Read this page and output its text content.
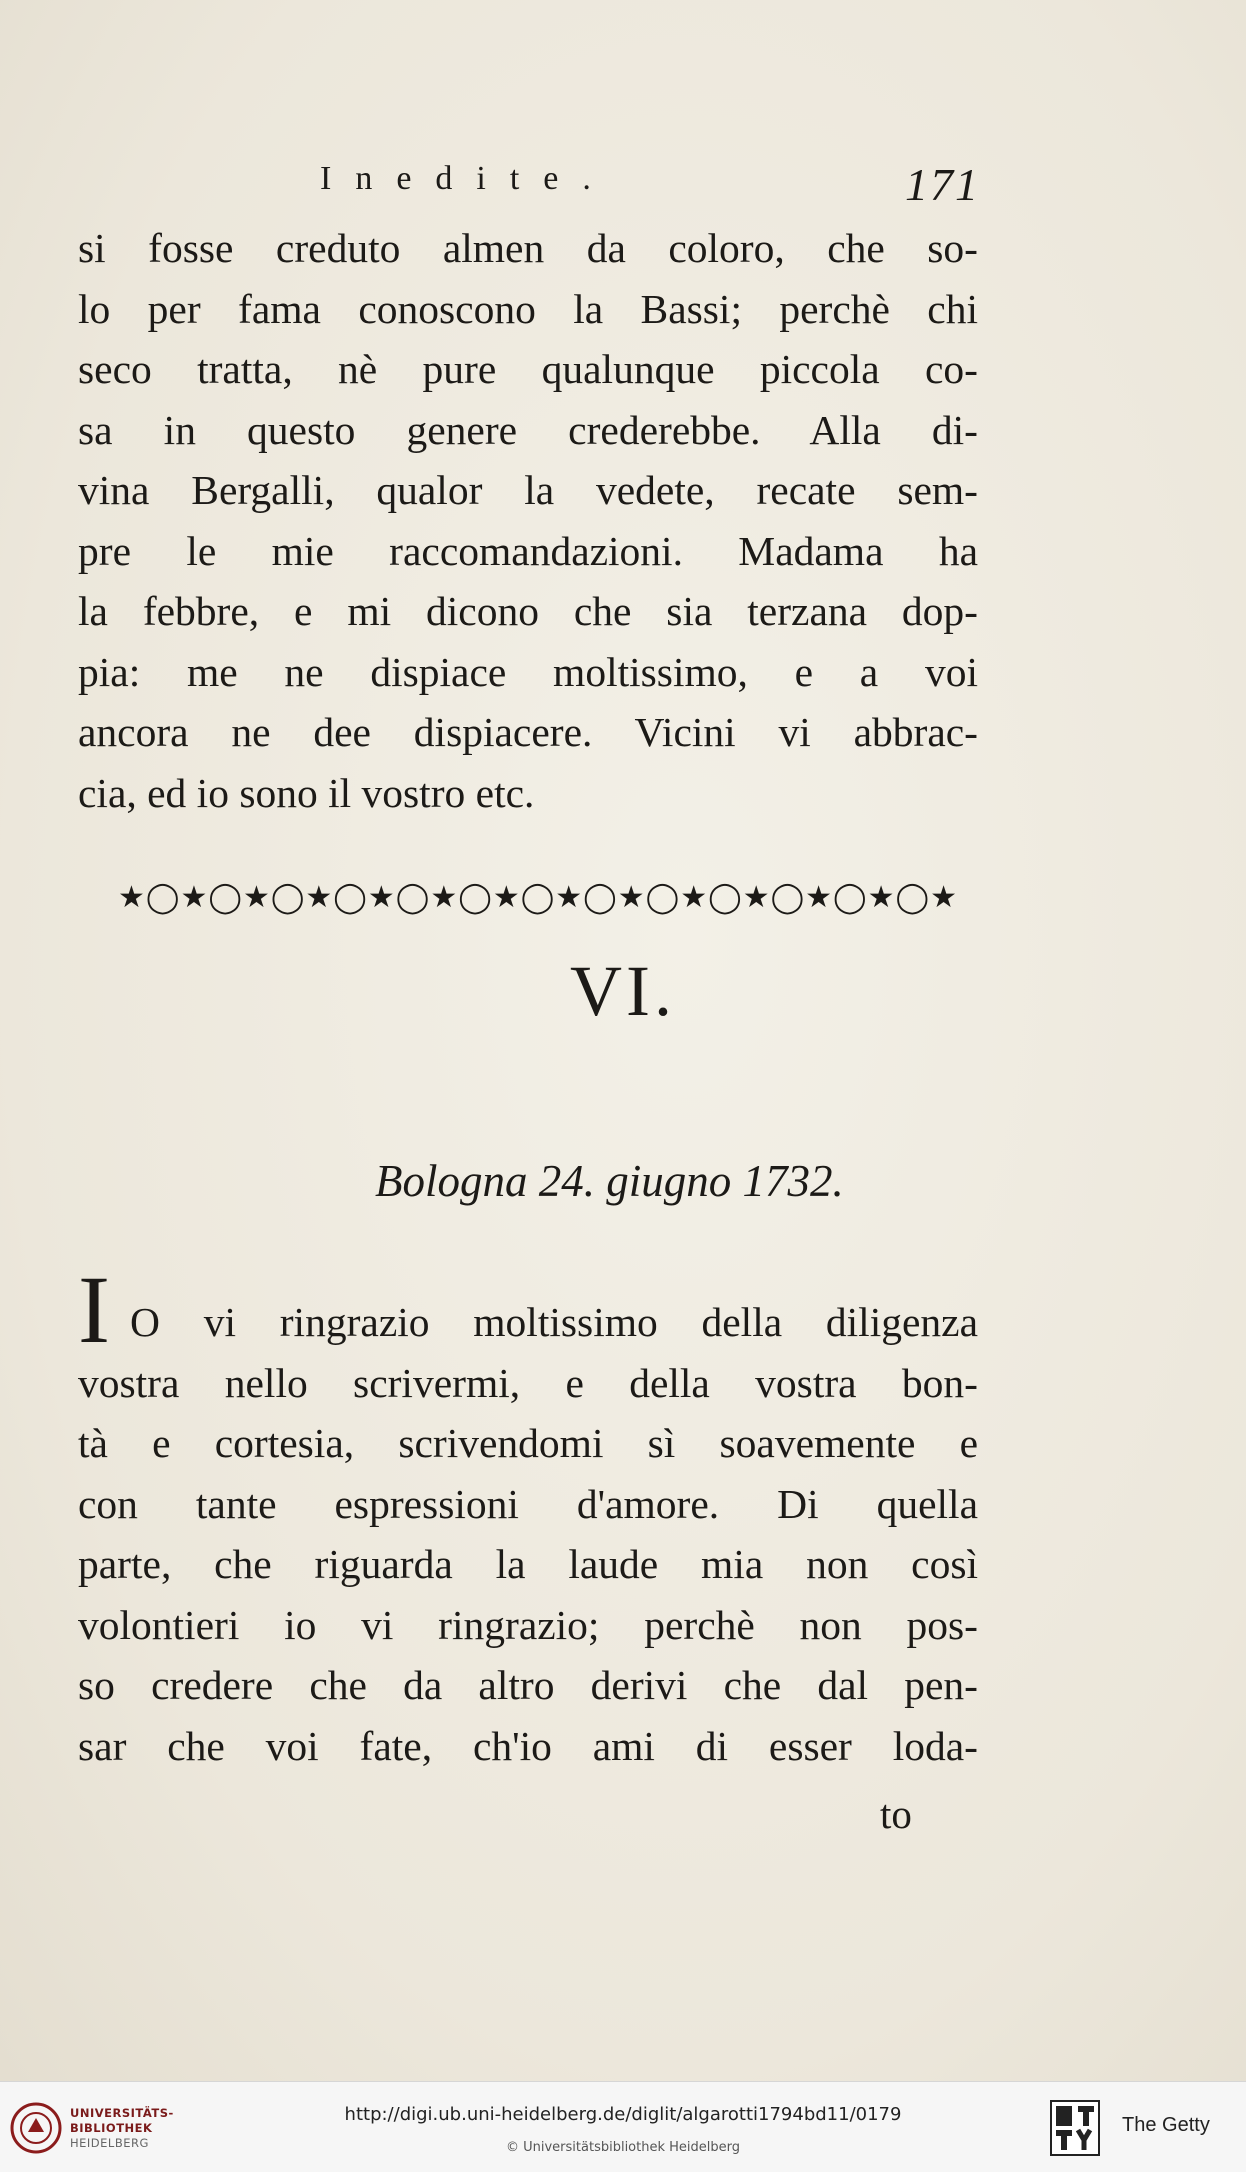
Inedite.	171
si fosse creduto almen da coloro, che so-
lo per fama conoscono la Bassi; perchè chi
seco tratta, nè pure qualunque piccola co-
sa in questo genere crederebbe. Alla di-
vina Bergalli, qualor la vedete, recate sem-
pre le mie raccomandazioni. Madama ha
la febbre, e mi dicono che sia terzana dop-
pia: me ne dispiace moltissimo, e a voi
ancora ne dee dispiacere. Vicini vi abbrac-
cia, ed io sono il vostro etc.
★◯★◯★◯★◯★◯★◯★◯★◯★◯★◯★◯★◯★◯★
VI.
Bologna 24. giugno 1732.
I O vi ringrazio moltissimo della diligenza
vostra nello scrivermi, e della vostra bon-
tà e cortesia, scrivendomi sì soavemente e
con tante espressioni d'amore. Di quella
parte, che riguarda la laude mia non così
volontieri io vi ringrazio; perchè non pos-
so credere che da altro derivi che dal pen-
sar che voi fate, ch'io ami di esser loda-
to
UNIVERSITÄTS-
BIBLIOTHEK
HEIDELBERG
http://digi.ub.uni-heidelberg.de/diglit/algarotti1794bd11/0179
© Universitätsbibliothek Heidelberg
The Getty
